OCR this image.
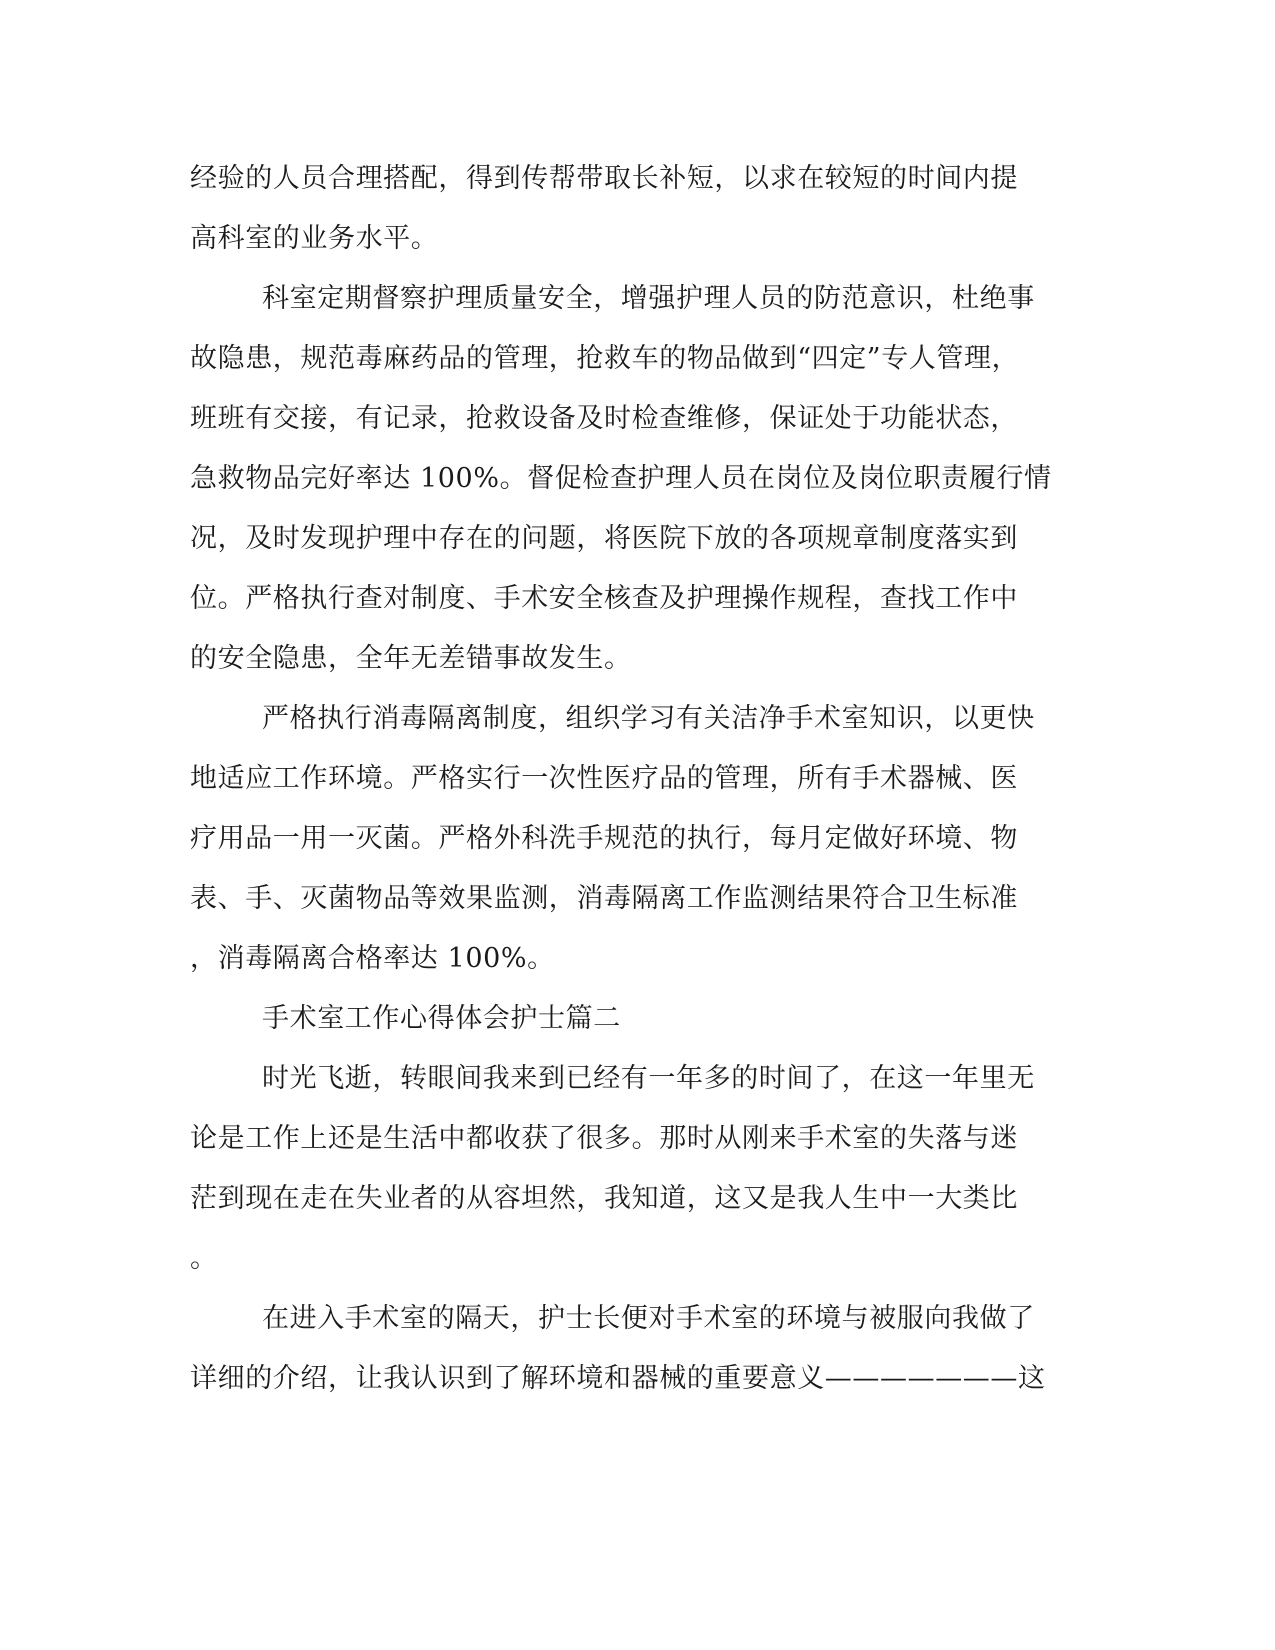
经验的人员合理搭配，得到传帮带取长补短，以求在较短的时间内提
高科室的业务水平。
科室定期督察护理质量安全，增强护理人员的防范意识，杜绝事
故隐患，规范毒麻药品的管理，抢救车的物品做到“四定”专人管理，
班班有交接，有记录，抢救设备及时检查维修，保证处于功能状态，
急救物品完好率达 100%。督促检查护理人员在岗位及岗位职责履行情
况，及时发现护理中存在的问题，将医院下放的各项规章制度落实到
位。严格执行查对制度、手术安全核查及护理操作规程，查找工作中
的安全隐患，全年无差错事故发生。
严格执行消毒隔离制度，组织学习有关洁净手术室知识，以更快
地适应工作环境。严格实行一次性医疗品的管理，所有手术器械、医
疗用品一用一灭菌。严格外科洗手规范的执行，每月定做好环境、物
表、手、灭菌物品等效果监测，消毒隔离工作监测结果符合卫生标准
，消毒隔离合格率达 100%。
手术室工作心得体会护士篇二
时光飞逝，转眼间我来到已经有一年多的时间了，在这一年里无
论是工作上还是生活中都收获了很多。那时从刚来手术室的失落与迷
茫到现在走在失业者的从容坦然，我知道，这又是我人生中一大类比
。
在进入手术室的隔天，护士长便对手术室的环境与被服向我做了
详细的介绍，让我认识到了解环境和器械的重要意义———————这
